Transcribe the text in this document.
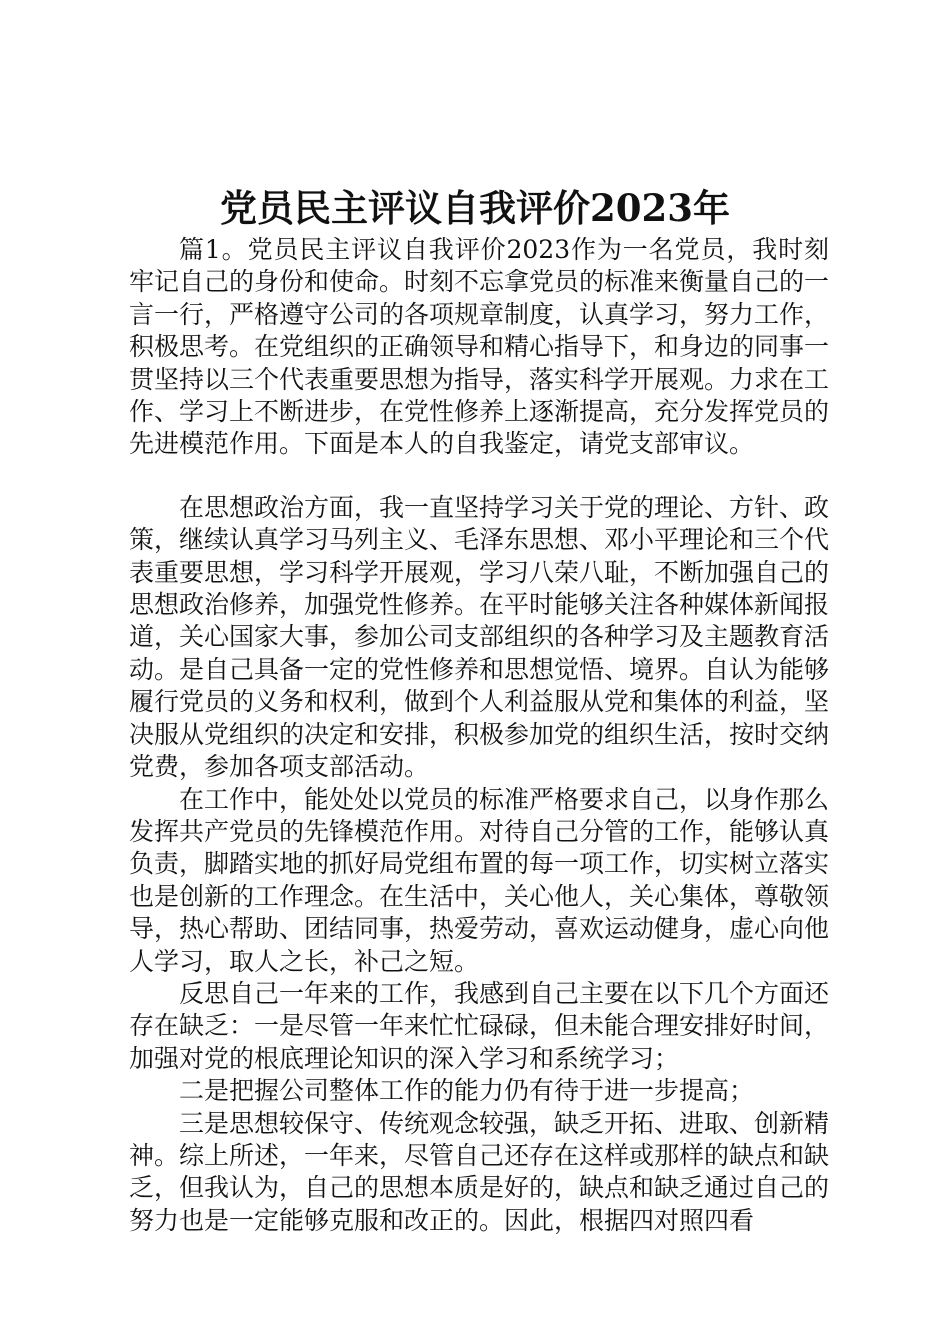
党员民主评议自我评价2023年

篇1。党员民主评议自我评价2023作为一名党员，我时刻牢记自己的身份和使命。时刻不忘拿党员的标准来衡量自己的一言一行，严格遵守公司的各项规章制度，认真学习，努力工作，积极思考。在党组织的正确领导和精心指导下，和身边的同事一贯坚持以三个代表重要思想为指导，落实科学开展观。力求在工作、学习上不断进步，在党性修养上逐渐提高，充分发挥党员的先进模范作用。下面是本人的自我鉴定，请党支部审议。

在思想政治方面，我一直坚持学习关于党的理论、方针、政策，继续认真学习马列主义、毛泽东思想、邓小平理论和三个代表重要思想，学习科学开展观，学习八荣八耻，不断加强自己的思想政治修养，加强党性修养。在平时能够关注各种媒体新闻报道，关心国家大事，参加公司支部组织的各种学习及主题教育活动。是自己具备一定的党性修养和思想觉悟、境界。自认为能够履行党员的义务和权利，做到个人利益服从党和集体的利益，坚决服从党组织的决定和安排，积极参加党的组织生活，按时交纳党费，参加各项支部活动。

在工作中，能处处以党员的标准严格要求自己，以身作那么发挥共产党员的先锋模范作用。对待自己分管的工作，能够认真负责，脚踏实地的抓好局党组布置的每一项工作，切实树立落实也是创新的工作理念。在生活中，关心他人，关心集体，尊敬领导，热心帮助、团结同事，热爱劳动，喜欢运动健身，虚心向他人学习，取人之长，补己之短。

反思自己一年来的工作，我感到自己主要在以下几个方面还存在缺乏：一是尽管一年来忙忙碌碌，但未能合理安排好时间，加强对党的根底理论知识的深入学习和系统学习；

二是把握公司整体工作的能力仍有待于进一步提高；

三是思想较保守、传统观念较强，缺乏开拓、进取、创新精神。综上所述，一年来，尽管自己还存在这样或那样的缺点和缺乏，但我认为，自己的思想本质是好的，缺点和缺乏通过自己的努力也是一定能够克服和改正的。因此，根据四对照四看
